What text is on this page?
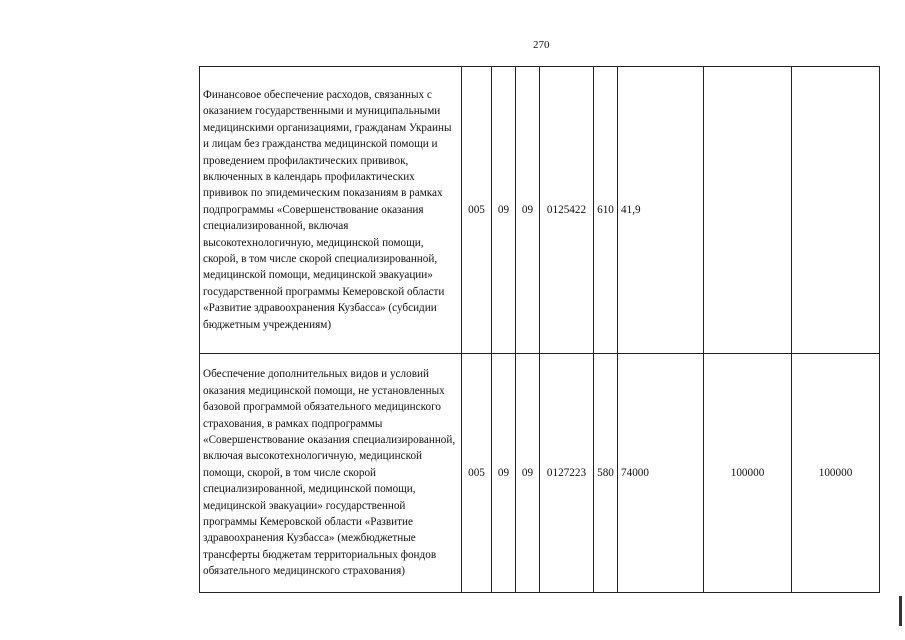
270
Финансовое обеспечение расходов, связанных с оказанием государственными и муниципальными медицинскими организациями, гражданам Украины и лицам без гражданства медицинской помощи и проведением профилактических прививок, включенных в календарь профилактических прививок по эпидемическим показаниям в рамках подпрограммы «Совершенствование оказания специализированной, включая высокотехнологичную, медицинской помощи, скорой, в том числе скорой специализированной, медицинской помощи, медицинской эвакуации» государственной программы Кемеровской области «Развитие здравоохранения Кузбасса» (субсидии бюджетным учреждениям)	005	09	09	0125422	610	41,9		
Обеспечение дополнительных видов и условий оказания медицинской помощи, не установленных базовой программой обязательного медицинского страхования, в рамках подпрограммы «Совершенствование оказания специализированной, включая высокотехнологичную, медицинской помощи, скорой, в том числе скорой специализированной, медицинской помощи, медицинской эвакуации» государственной программы Кемеровской области «Развитие здравоохранения Кузбасса» (межбюджетные трансферты бюджетам территориальных фондов обязательного медицинского страхования)	005	09	09	0127223	580	74000	100000	100000
